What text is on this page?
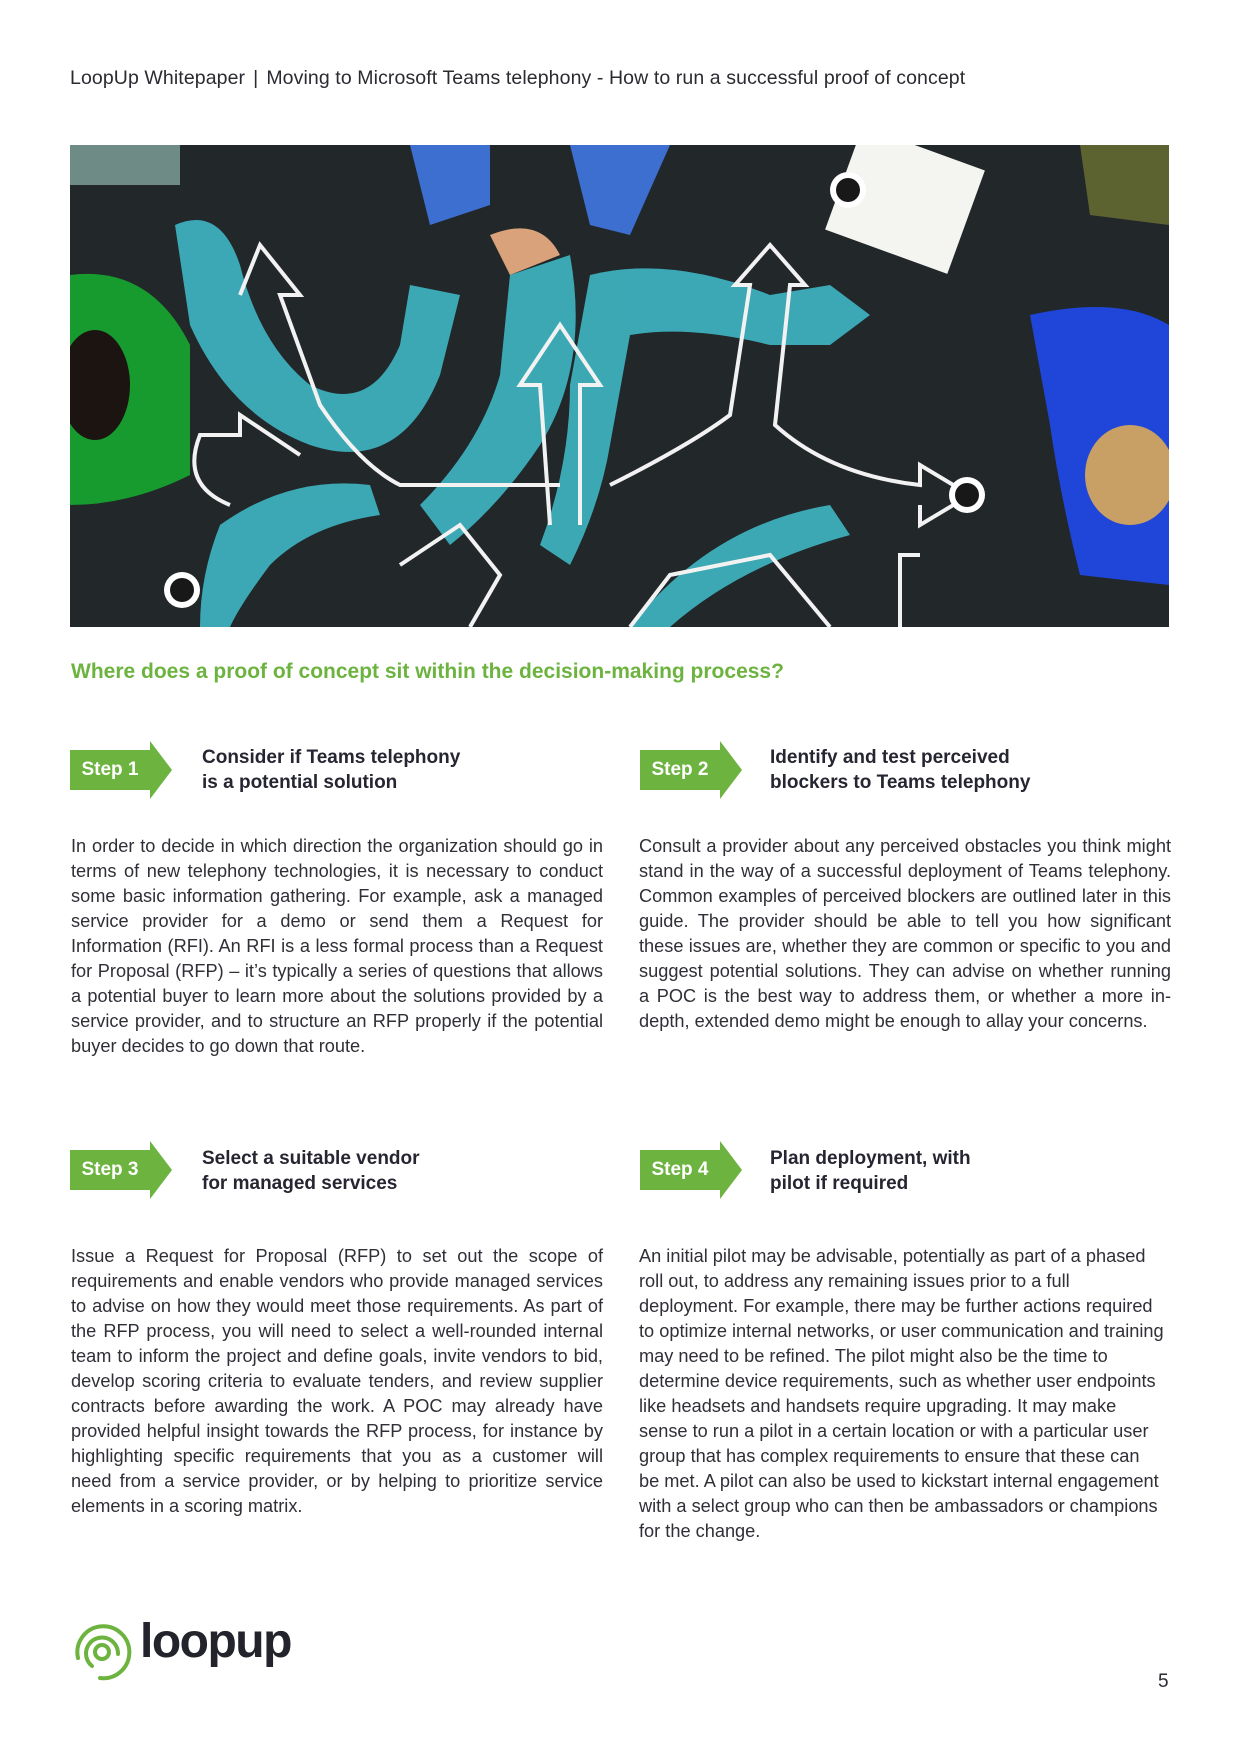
LoopUp Whitepaper | Moving to Microsoft Teams telephony - How to run a successful proof of concept
Where does a proof of concept sit within the decision-making process?
Step 1
Consider if Teams telephony
is a potential solution
In order to decide in which direction the organization should go in terms of new telephony technologies, it is necessary to conduct some basic information gathering. For example, ask a managed service provider for a demo or send them a Request for Information (RFI). An RFI is a less formal process than a Request for Proposal (RFP) – it’s typically a series of questions that allows a potential buyer to learn more about the solutions provided by a service provider, and to structure an RFP properly if the potential buyer decides to go down that route.
Step 2
Identify and test perceived
blockers to Teams telephony
Consult a provider about any perceived obstacles you think might stand in the way of a successful deployment of Teams telephony. Common examples of perceived blockers are outlined later in this guide. The provider should be able to tell you how significant these issues are, whether they are common or specific to you and suggest potential solutions. They can advise on whether running a POC is the best way to address them, or whether a more in-depth, extended demo might be enough to allay your concerns.
Step 3
Select a suitable vendor
for managed services
Issue a Request for Proposal (RFP) to set out the scope of requirements and enable vendors who provide managed services to advise on how they would meet those requirements. As part of the RFP process, you will need to select a well-rounded internal team to inform the project and define goals, invite vendors to bid, develop scoring criteria to evaluate tenders, and review supplier contracts before awarding the work. A POC may already have provided helpful insight towards the RFP process, for instance by highlighting specific requirements that you as a customer will need from a service provider, or by helping to prioritize service elements in a scoring matrix.
Step 4
Plan deployment, with
pilot if required
An initial pilot may be advisable, potentially as part of a phased roll out, to address any remaining issues prior to a full deployment. For example, there may be further actions required to optimize internal networks, or user communication and training may need to be refined. The pilot might also be the time to determine device requirements, such as whether user endpoints like headsets and handsets require upgrading. It may make sense to run a pilot in a certain location or with a particular user group that has complex requirements to ensure that these can be met. A pilot can also be used to kickstart internal engagement with a select group who can then be ambassadors or champions for the change.
loopup
5
